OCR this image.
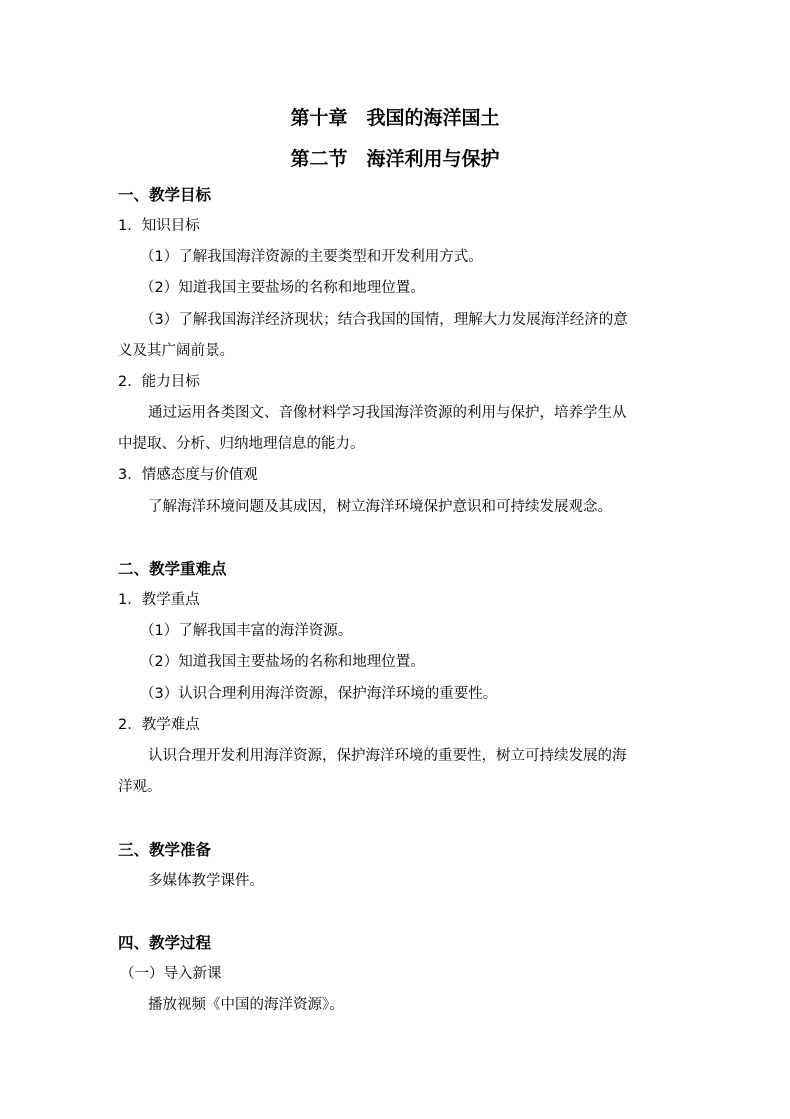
第十章　我国的海洋国土
第二节　海洋利用与保护
一、教学目标
1．知识目标
（1）了解我国海洋资源的主要类型和开发利用方式。
（2）知道我国主要盐场的名称和地理位置。
（3）了解我国海洋经济现状；结合我国的国情，理解大力发展海洋经济的意
义及其广阔前景。
2．能力目标
通过运用各类图文、音像材料学习我国海洋资源的利用与保护，培养学生从
中提取、分析、归纳地理信息的能力。
3．情感态度与价值观
了解海洋环境问题及其成因，树立海洋环境保护意识和可持续发展观念。
二、教学重难点
1．教学重点
（1）了解我国丰富的海洋资源。
（2）知道我国主要盐场的名称和地理位置。
（3）认识合理利用海洋资源，保护海洋环境的重要性。
2．教学难点
认识合理开发利用海洋资源，保护海洋环境的重要性，树立可持续发展的海
洋观。
三、教学准备
多媒体教学课件。
四、教学过程
（一）导入新课
播放视频《中国的海洋资源》。
